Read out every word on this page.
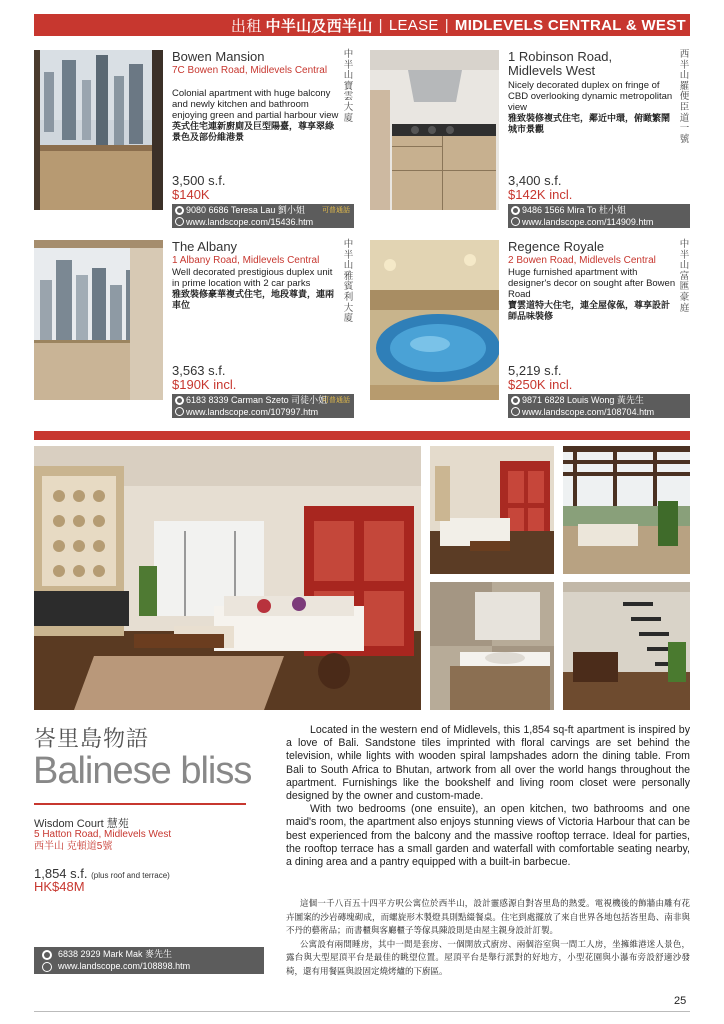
出租 中半山及西半山 | LEASE | MIDLEVELS CENTRAL & WEST
Bowen Mansion
7C Bowen Road, Midlevels Central
Colonial apartment with huge balcony and newly kitchen and bathroom enjoying green and partial harbour view
英式住宅連新廚廁及巨型陽臺，尊享翠綠景色及部份維港景
中半山寶雲大廈
3,500 s.f.
$140K
9080 6686 Teresa Lau 劉小姐
www.landscope.com/15436.htm
可普通話
1 Robinson Road, Midlevels West
Nicely decorated duplex on fringe of CBD overlooking dynamic metropolitan view
雅致裝修複式住宅，鄰近中環，俯瞰繁鬧城市景觀
西半山羅便臣道一號
3,400 s.f.
$142K incl.
9486 1566 Mira To 杜小姐
www.landscope.com/114909.htm
The Albany
1 Albany Road, Midlevels Central
Well decorated prestigious duplex unit in prime location with 2 car parks
雅致裝修豪華複式住宅，地段尊貴，連兩車位
中半山雅賓利大廈
3,563 s.f.
$190K incl.
6183 8339 Carman Szeto 司徒小姐
www.landscope.com/107997.htm
可普通話
Regence Royale
2 Bowen Road, Midlevels Central
Huge furnished apartment with designer's decor on sought after Bowen Road
寶雲道特大住宅，連全屋傢俬，尊享設計師品味裝修
中半山富匯豪庭
5,219 s.f.
$250K incl.
9871 6828 Louis Wong 黃先生
www.landscope.com/108704.htm
峇里島物語
Balinese bliss
Wisdom Court 慧苑
5 Hatton Road, Midlevels West
西半山 克頓道5號
1,854 s.f. (plus roof and terrace)
HK$48M
6838 2929 Mark Mak 麥先生
www.landscope.com/108898.htm

Located in the western end of Midlevels, this 1,854 sq-ft apartment is inspired by a love of Bali. Sandstone tiles imprinted with floral carvings are set behind the television, while lights with wooden spiral lampshades adorn the dining table. From Bali to South Africa to Bhutan, artwork from all over the world hangs throughout the apartment. Furnishings like the bookshelf and living room closet were personally designed by the owner and custom-made.

With two bedrooms (one ensuite), an open kitchen, two bathrooms and one maid's room, the apartment also enjoys stunning views of Victoria Harbour that can be best experienced from the balcony and the massive rooftop terrace. Ideal for parties, the rooftop terrace has a small garden and waterfall with comfortable seating nearby, a dining area and a pantry equipped with a built-in barbecue.

這個一千八百五十四平方呎公寓位於西半山，設計靈感源自對峇里島的熱愛。電視機後的飾牆由雕有花卉圖案的沙岩磚塊砌成，而螺旋形木製燈具則點綴餐桌。住宅到處擺放了來自世界各地包括峇里島、南非與不丹的藝術品；而書櫃與客廳櫃子等傢具陳設則是由屋主親身設計訂製。

公寓設有兩間睡房，其中一間是套房、一個開放式廚房、兩個浴室與一間工人房，坐擁維港迷人景色，露台與大型屋頂平台是最佳的眺望位置。屋頂平台是舉行派對的好地方，小型花園與小瀑布旁設舒適沙發椅，還有用餐區與設固定燒烤爐的下廚區。

25
